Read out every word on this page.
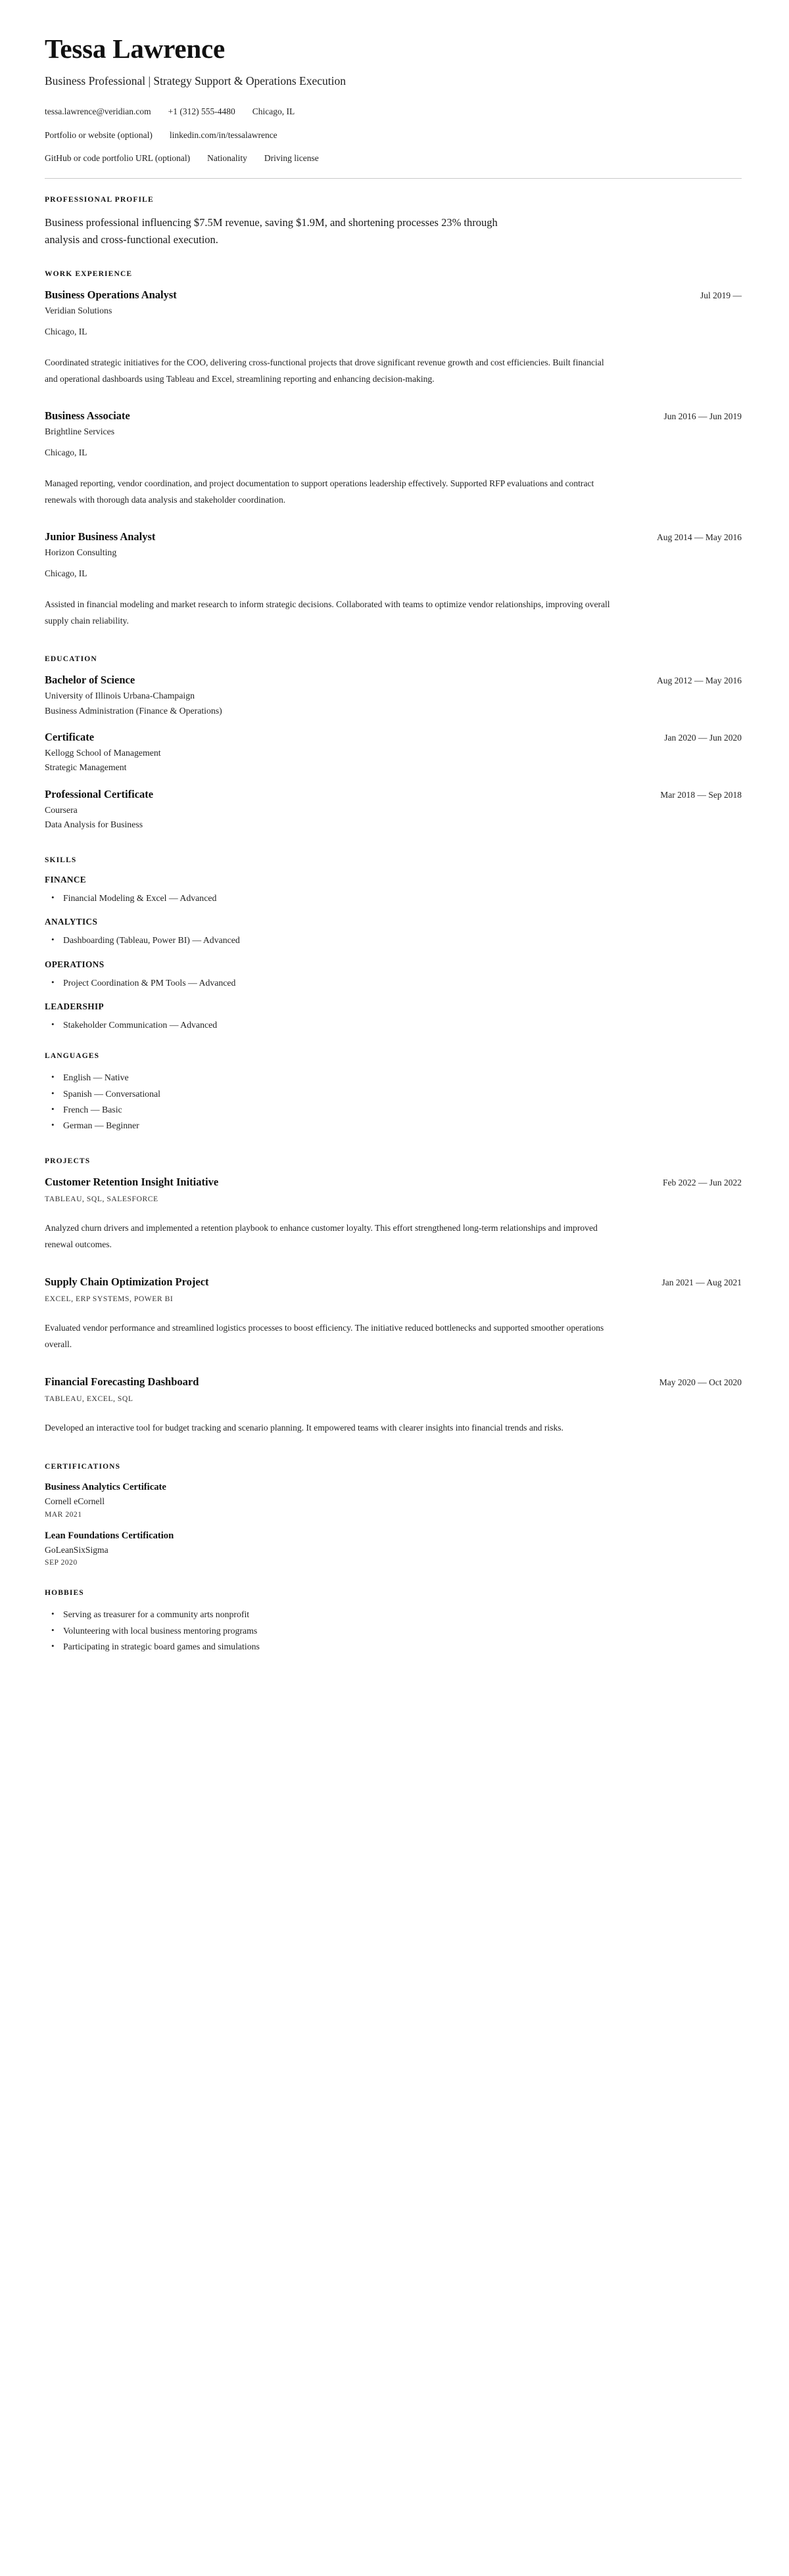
Tessa Lawrence
Business Professional | Strategy Support & Operations Execution
tessa.lawrence@veridian.com +1 (312) 555-4480 Chicago, IL
Portfolio or website (optional) linkedin.com/in/tessalawrence
GitHub or code portfolio URL (optional) Nationality Driving license
PROFESSIONAL PROFILE

Business professional influencing $7.5M revenue, saving $1.9M, and shortening processes 23% through analysis and cross-functional execution.

WORK EXPERIENCE
Business Operations Analyst	Jul 2019 —
Veridian Solutions
Chicago, IL

Coordinated strategic initiatives for the COO, delivering cross-functional projects that drove significant revenue growth and cost efficiencies. Built financial and operational dashboards using Tableau and Excel, streamlining reporting and enhancing decision-making.

Business Associate	Jun 2016 — Jun 2019
Brightline Services
Chicago, IL

Managed reporting, vendor coordination, and project documentation to support operations leadership effectively. Supported RFP evaluations and contract renewals with thorough data analysis and stakeholder coordination.

Junior Business Analyst	Aug 2014 — May 2016
Horizon Consulting
Chicago, IL

Assisted in financial modeling and market research to inform strategic decisions. Collaborated with teams to optimize vendor relationships, improving overall supply chain reliability.

EDUCATION
Bachelor of Science	Aug 2012 — May 2016
University of Illinois Urbana-Champaign
Business Administration (Finance & Operations)
Certificate	Jan 2020 — Jun 2020
Kellogg School of Management
Strategic Management
Professional Certificate	Mar 2018 — Sep 2018
Coursera
Data Analysis for Business
SKILLS
FINANCE
• Financial Modeling & Excel — Advanced
ANALYTICS
• Dashboarding (Tableau, Power BI) — Advanced
OPERATIONS
• Project Coordination & PM Tools — Advanced
LEADERSHIP
• Stakeholder Communication — Advanced
LANGUAGES
• English — Native
• Spanish — Conversational
• French — Basic
• German — Beginner
PROJECTS
Customer Retention Insight Initiative	Feb 2022 — Jun 2022
TABLEAU, SQL, SALESFORCE

Analyzed churn drivers and implemented a retention playbook to enhance customer loyalty. This effort strengthened long-term relationships and improved renewal outcomes.

Supply Chain Optimization Project	Jan 2021 — Aug 2021
EXCEL, ERP SYSTEMS, POWER BI

Evaluated vendor performance and streamlined logistics processes to boost efficiency. The initiative reduced bottlenecks and supported smoother operations overall.

Financial Forecasting Dashboard	May 2020 — Oct 2020
TABLEAU, EXCEL, SQL

Developed an interactive tool for budget tracking and scenario planning. It empowered teams with clearer insights into financial trends and risks.

CERTIFICATIONS
Business Analytics Certificate
Cornell eCornell
MAR 2021
Lean Foundations Certification
GoLeanSixSigma
SEP 2020
HOBBIES
• Serving as treasurer for a community arts nonprofit
• Volunteering with local business mentoring programs
• Participating in strategic board games and simulations
